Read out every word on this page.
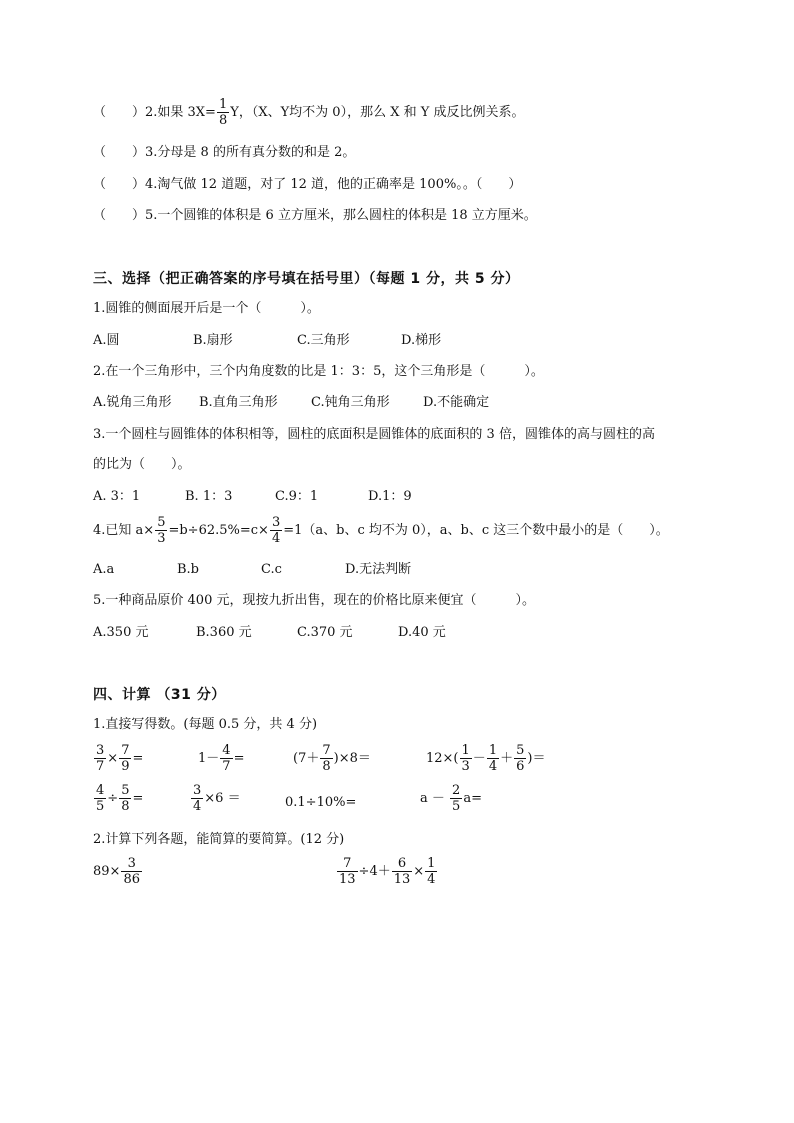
（　　）2.如果 $3X= \frac{1}{8}$ Y，（X、Y均不为 0），那么 X 和 Y 成反比例关系。
（　　）3.分母是 8 的所有真分数的和是 2。
（　　）4.淘气做 12 道题，对了 12 道，他的正确率是 100%。。（　　）
（　　）5.一个圆锥的体积是 6 立方厘米，那么圆柱的体积是 18 立方厘米。
三、选择（把正确答案的序号填在括号里）（每题 1 分，共 5 分）
1.圆锥的侧面展开后是一个（　　　）。
A.圆	B.扇形	C.三角形	D.梯形
2.在一个三角形中，三个内角度数的比是 1：3：5，这个三角形是（　　　）。
A.锐角三角形 B.直角三角形	C.钝角三角形	D.不能确定
3.一个圆柱与圆锥体的体积相等，圆柱的底面积是圆锥体的底面积的 3 倍，圆锥体的高与圆柱的高
的比为（　　）。
A. 3：1	B. 1：3	C.9：1	D.1：9
4.已知 $a\times \frac{5}{3} =b\div 62.5\%=c\times \frac{3}{4} =1(a$、b、c 均不为 0），a、b、c 这三个数中最小的是（　　）。
A.a	B.b	C.c	D.无法判断
5.一种商品原价 400 元，现按九折出售，现在的价格比原来便宜（　　　）。
A.350 元	B.360 元	C.370 元	D.40 元
四、计算 （31 分）
1.直接写得数。(每题 0.5 分，共 4 分)
$\frac{3}{7} \times \frac{7}{9}$ =	$1- \frac{4}{7}$ =	$(7+ \frac{7}{8} )\times 8=$	$12\times( \frac{1}{3} - \frac{1}{4} + \frac{5}{6}$ )＝
$\frac{4}{5} \div \frac{5}{8}$ =	$\frac{3}{4} \times 6$ ＝	0.1÷10%=	$a - \frac{2}{5} a=$
2.计算下列各题，能简算的要简算。(12 分)
$89\times \frac{3}{86}$	$\frac{7}{13} \div 4+ \frac{6}{13} \times \frac{1}{4}$
